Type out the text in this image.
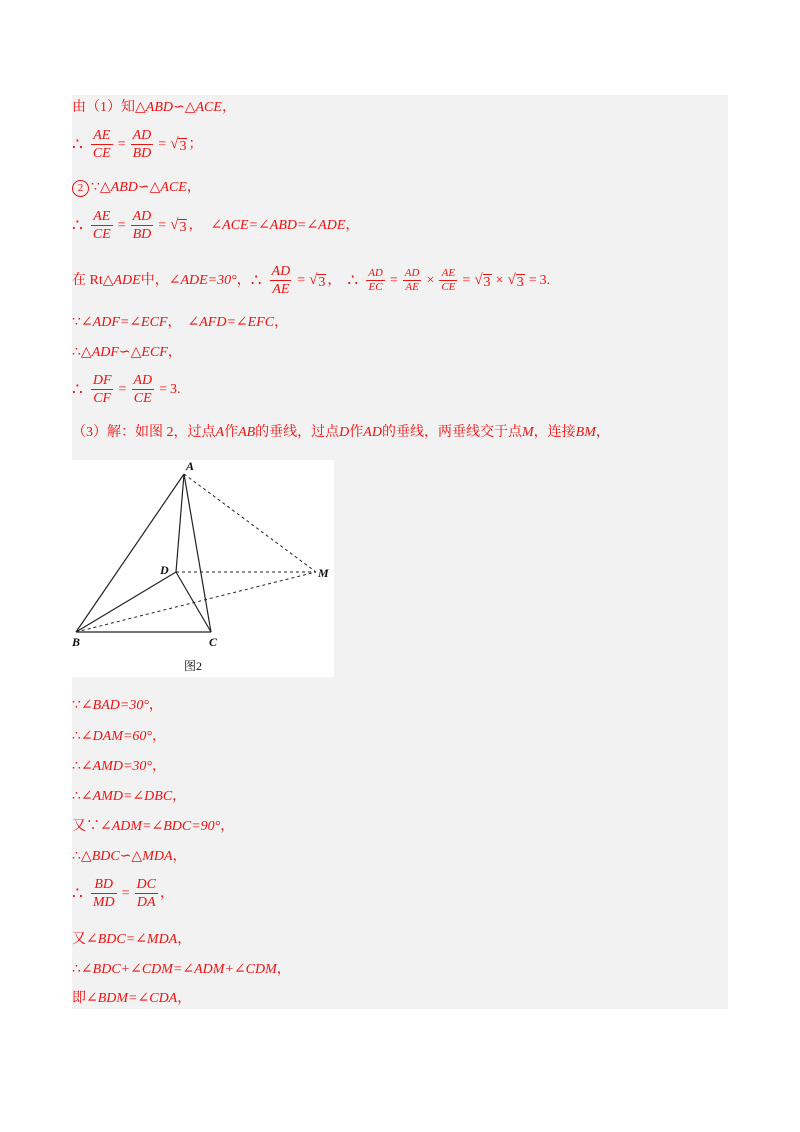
由（1）知△ ABD ∽△ ACE ，
∴ $\frac{AE}{CE} = \frac{AD}{BD}$ = √ 3 ；
2 ∵△ ABD ∽△ ACE ，
∴ $\frac{AE}{CE} = \frac{AD}{BD}$ = √ 3 ， ∠ACE=∠ABD=∠ADE ，
在 Rt△ ADE 中， ∠ADE=30° ， ∴ $\frac{AD}{AE}$ = √ 3 ， ∴ $\frac{AD}{EC} = \frac{AD}{AE} \times \frac{AE}{CE}$ = √ 3 × √ 3 = 3 .
∵ ∠ADF=∠ECF ， ∠AFD=∠EFC ，
∴△ ADF ∽△ ECF ，
∴ $\frac{DF}{CF} = \frac{AD}{CE} = 3$ .
（3）解：如图 2，过点 A 作 AB 的垂线，过点 D 作 AD 的垂线，两垂线交于点 M ，连接 BM ，
A
B	C
D	M
图2
∵ ∠BAD=30° ，
∴ ∠DAM=60° ，
∴ ∠AMD=30° ，
∴ ∠AMD=∠DBC ，
又∵ ∠ADM=∠BDC=90° ，
∴△ BDC ∽△ MDA ，
∴ $\frac{BD}{MD} = \frac{DC}{DA}$ ，
又 ∠BDC=∠MDA ，
∴ ∠BDC+∠CDM=∠ADM+∠CDM ，
即 ∠BDM=∠CDA ，
